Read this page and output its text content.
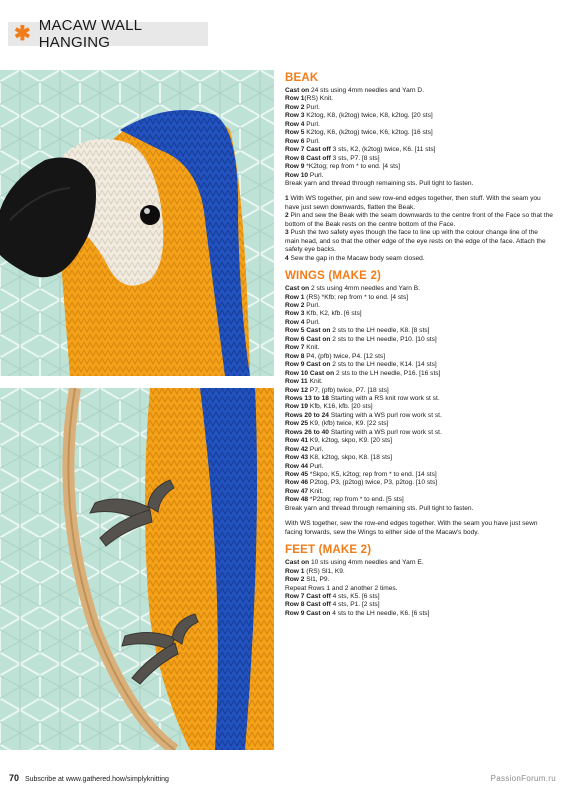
✱ MACAW WALL HANGING
BEAK

Cast on 24 sts using 4mm needles and Yarn D.

Row 1(RS) Knit.

Row 2 Purl.

Row 3 K2tog, K8, (k2tog) twice, K8, k2tog. [20 sts]

Row 4 Purl.

Row 5 K2tog, K6, (k2tog) twice, K6, k2tog. [16 sts]

Row 6 Purl.

Row 7 Cast off 3 sts, K2, (k2tog) twice, K6. [11 sts]

Row 8 Cast off 3 sts, P7. [8 sts]

Row 9 *K2tog; rep from * to end. [4 sts]

Row 10 Purl.

Break yarn and thread through remaining sts. Pull tight to fasten.

1 With WS together, pin and sew row-end edges together, then stuff. With the seam you have just sewn downwards, flatten the Beak.

2 Pin and sew the Beak with the seam downwards to the centre front of the Face so that the bottom of the Beak rests on the centre bottom of the Face.

3 Push the two safety eyes though the face to line up with the colour change line of the main head, and so that the other edge of the eye rests on the edge of the face. Attach the safety eye backs.

4 Sew the gap in the Macaw body seam closed.

WINGS (MAKE 2)

Cast on 2 sts using 4mm needles and Yarn B.

Row 1 (RS) *Kfb; rep from * to end. [4 sts]

Row 2 Purl.

Row 3 Kfb, K2, kfb. [6 sts]

Row 4 Purl.

Row 5 Cast on 2 sts to the LH needle, K8. [8 sts]

Row 6 Cast on 2 sts to the LH needle, P10. [10 sts]

Row 7 Knit.

Row 8 P4, (pfb) twice, P4. [12 sts]

Row 9 Cast on 2 sts to the LH needle, K14. [14 sts]

Row 10 Cast on 2 sts to the LH needle, P16. [16 sts]

Row 11 Knit.

Row 12 P7, (pfb) twice, P7. [18 sts]

Rows 13 to 18 Starting with a RS knit row work st st.

Row 19 Kfb, K16, kfb. [20 sts]

Rows 20 to 24 Starting with a WS purl row work st st.

Row 25 K9, (kfb) twice, K9. [22 sts]

Rows 26 to 40 Starting with a WS purl row work st st.

Row 41 K9, k2tog, skpo, K9. [20 sts]

Row 42 Purl.

Row 43 K8, k2tog, skpo, K8. [18 sts]

Row 44 Purl.

Row 45 *Skpo, K5, k2tog; rep from * to end. [14 sts]

Row 46 P2tog, P3, (p2tog) twice, P3, p2tog. [10 sts]

Row 47 Knit.

Row 48 *P2tog; rep from * to end. [5 sts]

Break yarn and thread through remaining sts. Pull tight to fasten.

With WS together, sew the row-end edges together. With the seam you have just sewn facing forwards, sew the Wings to either side of the Macaw's body.

FEET (MAKE 2)

Cast on 10 sts using 4mm needles and Yarn E.

Row 1 (RS) Sl1, K9.

Row 2 Sl1, P9.

Repeat Rows 1 and 2 another 2 times.

Row 7 Cast off 4 sts, K5. [6 sts]

Row 8 Cast off 4 sts, P1. [2 sts]

Row 9 Cast on 4 sts to the LH needle, K6. [6 sts]

70 Subscribe at www.gathered.how/simplyknitting	PassionForum.ru
